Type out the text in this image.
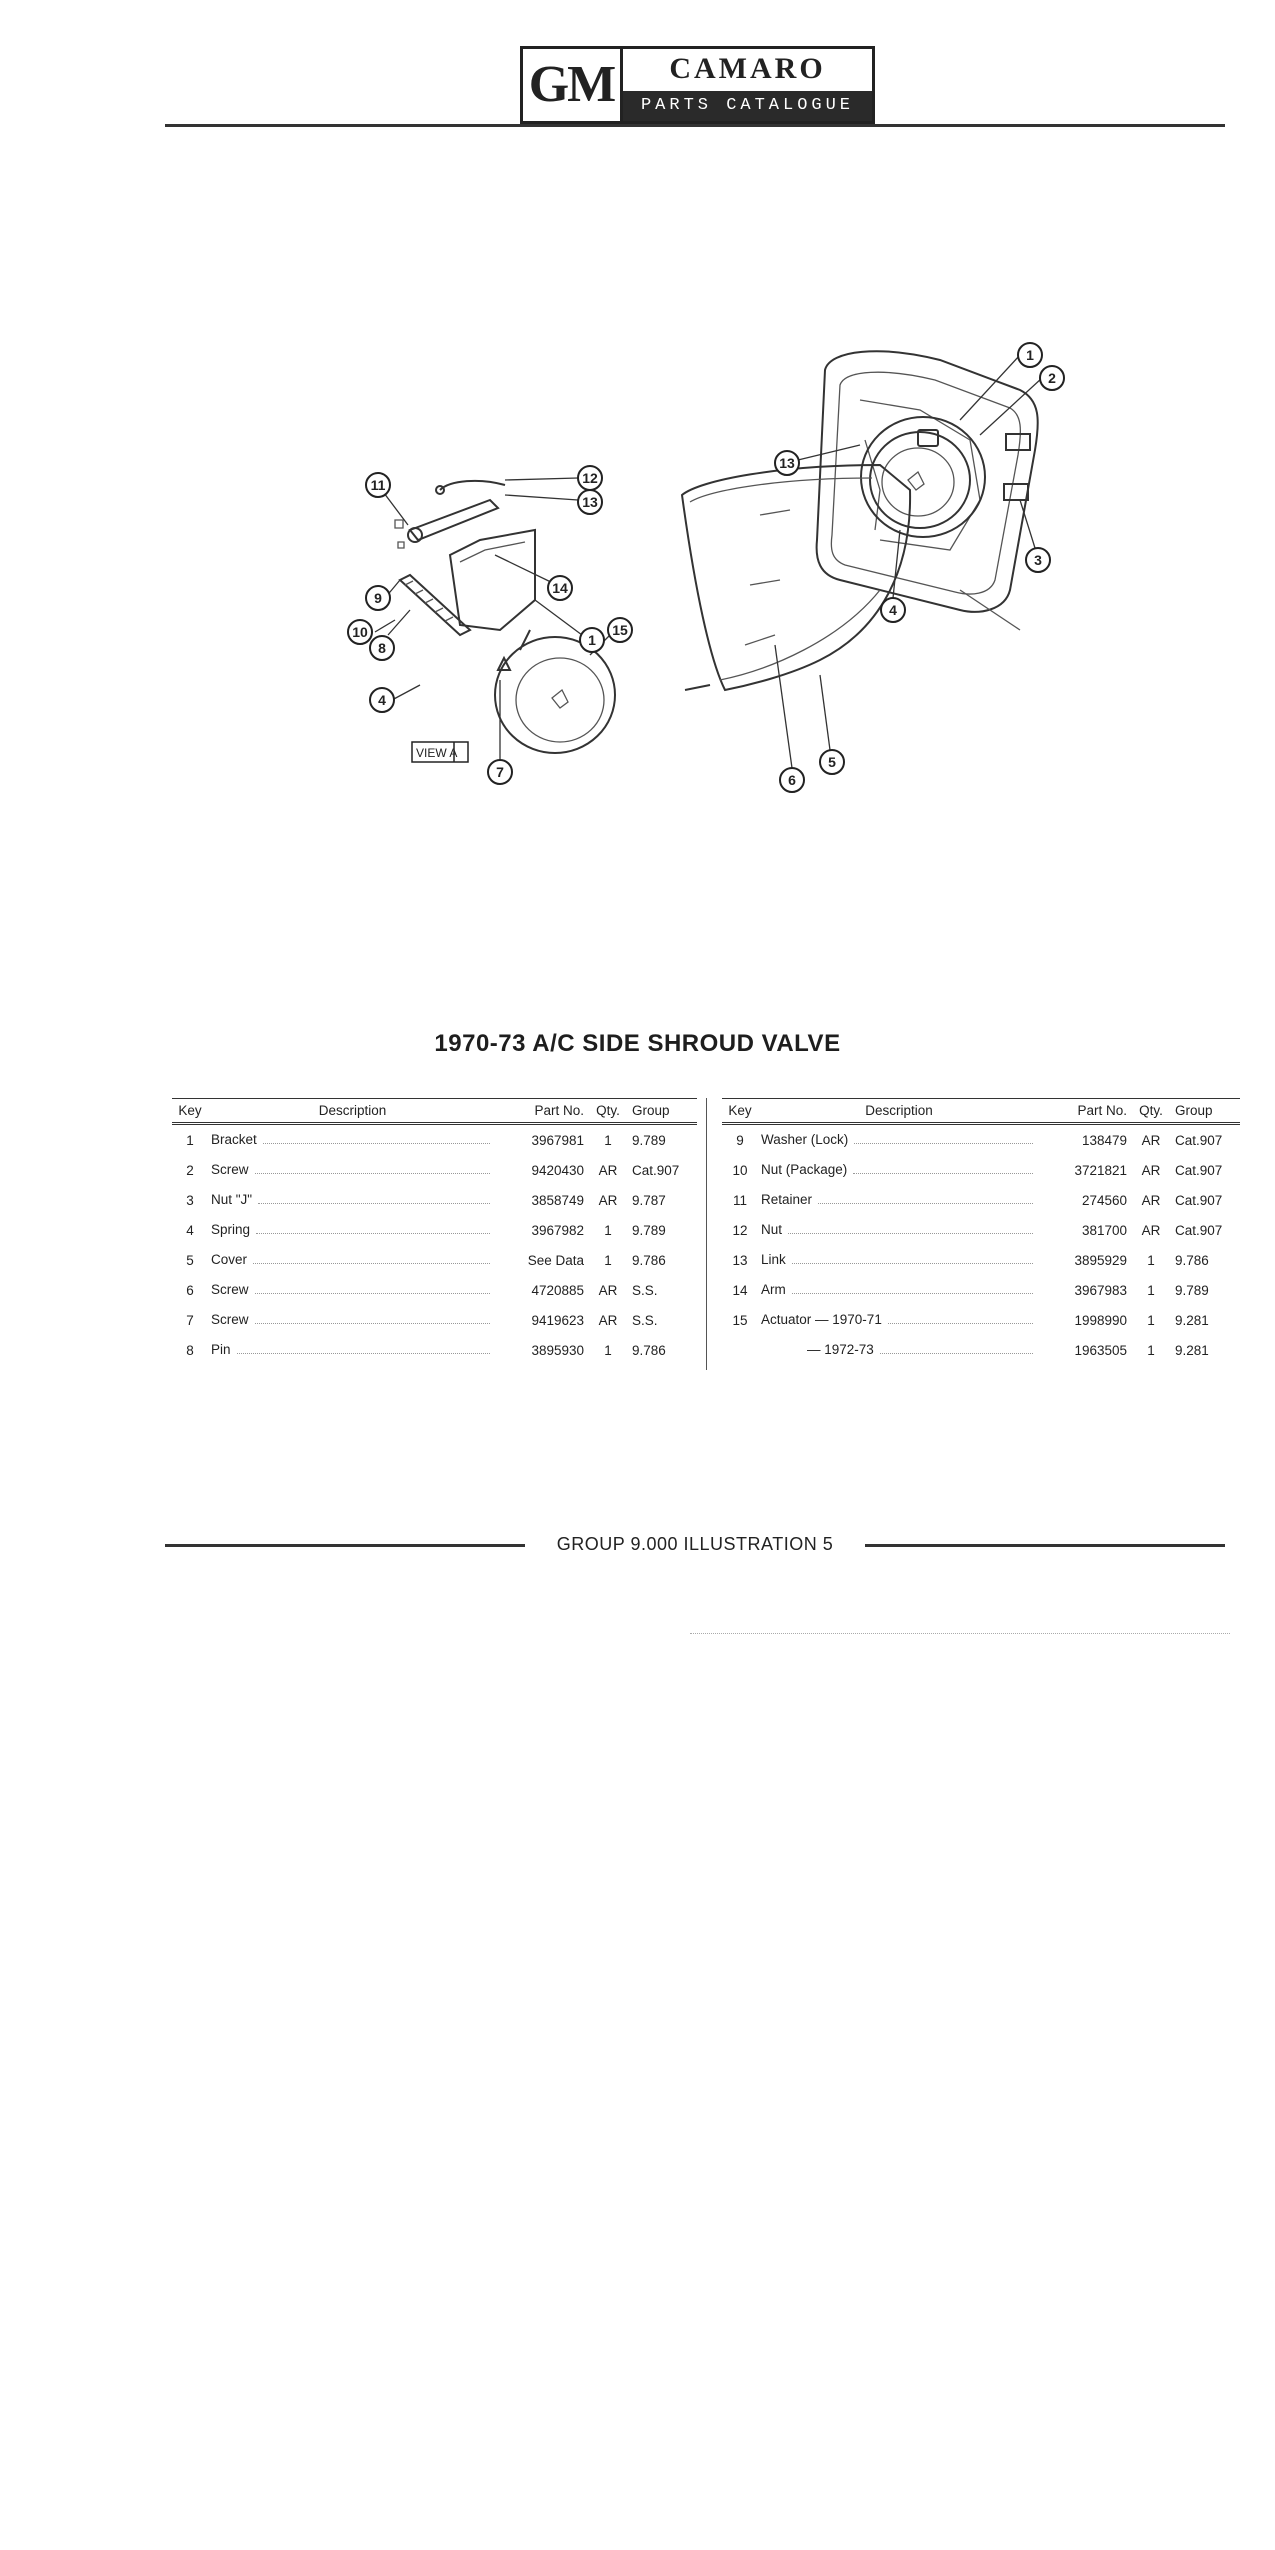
GM	CAMARO
PARTS CATALOGUE
1
2
3
4
5
6
13
11	12
13
14
9
10
8	1
15
4
7
VIEW A
1970-73 A/C SIDE SHROUD VALVE
Key	Description	Part No.	Qty.	Group
1	Bracket	3967981	1	9.789
2	Screw	9420430	AR	Cat.907
3	Nut "J"	3858749	AR	9.787
4	Spring	3967982	1	9.789
5	Cover	See Data	1	9.786
6	Screw	4720885	AR	S.S.
7	Screw	9419623	AR	S.S.
8	Pin	3895930	1	9.786
Key	Description	Part No.	Qty.	Group
9	Washer (Lock)	138479	AR	Cat.907
10	Nut (Package)	3721821	AR	Cat.907
11	Retainer	274560	AR	Cat.907
12	Nut	381700	AR	Cat.907
13	Link	3895929	1	9.786
14	Arm	3967983	1	9.789
15	Actuator — 1970-71	1998990	1	9.281

	— 1972-73	1963505	1	9.281
GROUP 9.000 ILLUSTRATION 5
